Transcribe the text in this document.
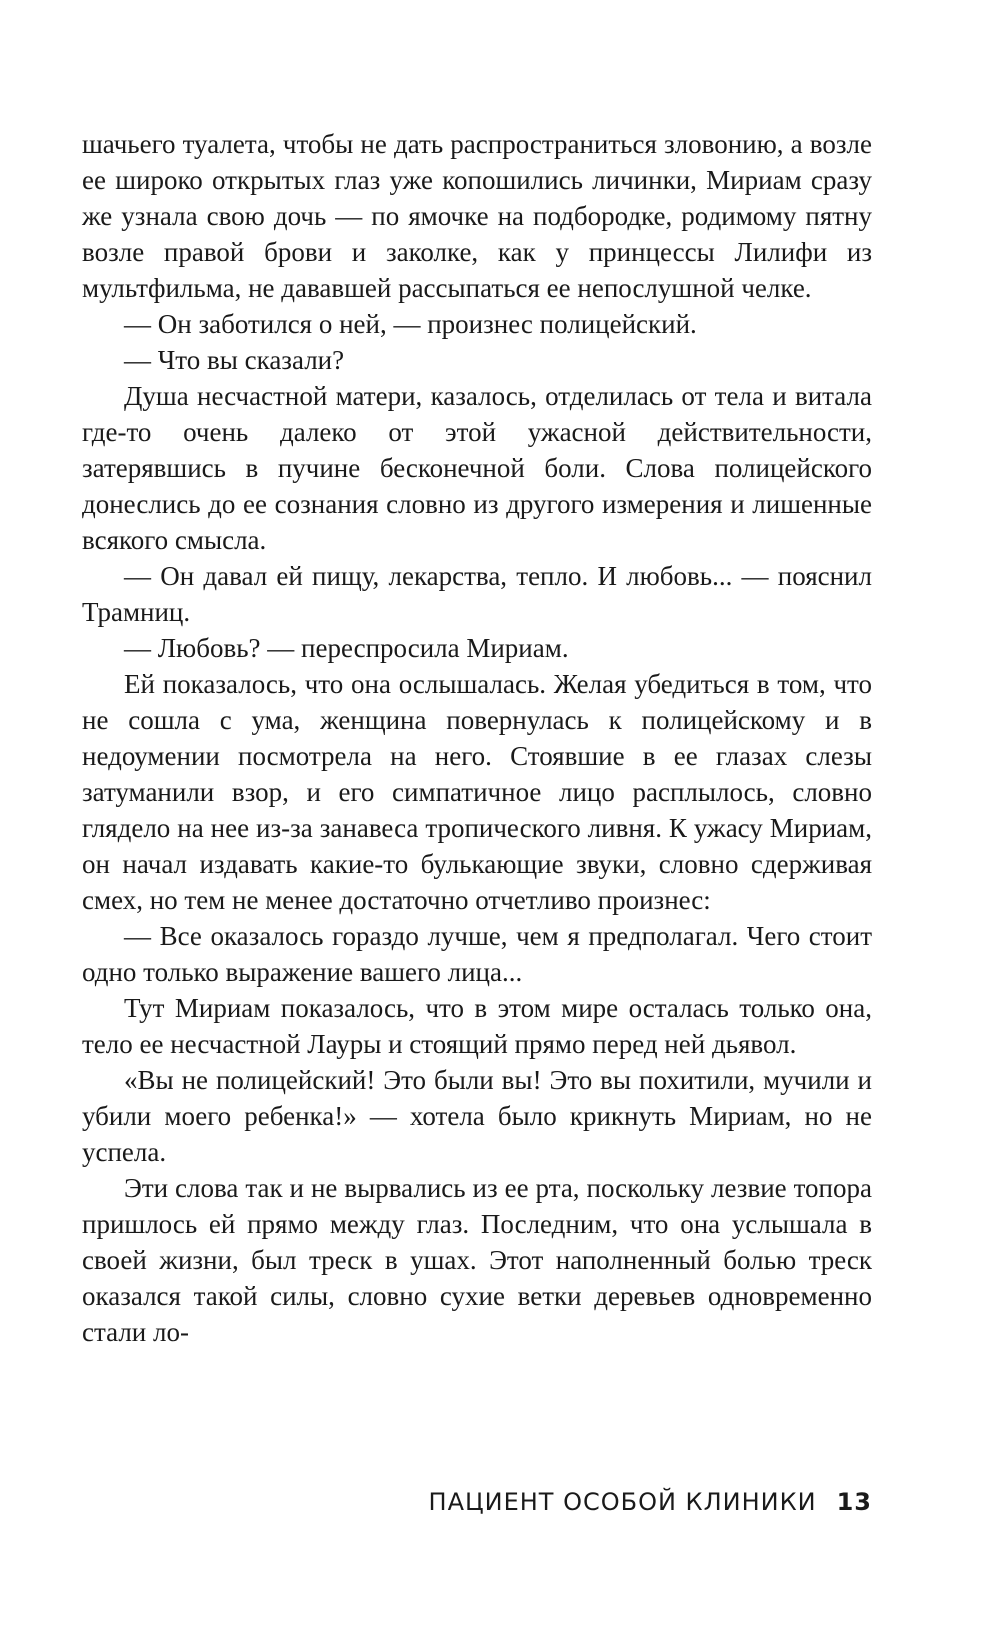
шачьего туалета, чтобы не дать распространиться зловонию, а возле ее широко открытых глаз уже копошились личинки, Мириам сразу же узнала свою дочь — по ямочке на подбородке, родимому пятну возле правой брови и заколке, как у принцессы Лилифи из мультфильма, не дававшей рассыпаться ее непослушной челке.

— Он заботился о ней, — произнес полицейский.

— Что вы сказали?

Душа несчастной матери, казалось, отделилась от тела и витала где-то очень далеко от этой ужасной действительности, затерявшись в пучине бесконечной боли. Слова полицейского донеслись до ее сознания словно из другого измерения и лишенные всякого смысла.

— Он давал ей пищу, лекарства, тепло. И любовь... — пояснил Трамниц.

— Любовь? — переспросила Мириам.

Ей показалось, что она ослышалась. Желая убедиться в том, что не сошла с ума, женщина повернулась к полицейскому и в недоумении посмотрела на него. Стоявшие в ее глазах слезы затуманили взор, и его симпатичное лицо расплылось, словно глядело на нее из-за занавеса тропического ливня. К ужасу Мириам, он начал издавать какие-то булькающие звуки, словно сдерживая смех, но тем не менее достаточно отчетливо произнес:

— Все оказалось гораздо лучше, чем я предполагал. Чего стоит одно только выражение вашего лица...

Тут Мириам показалось, что в этом мире осталась только она, тело ее несчастной Лауры и стоящий прямо перед ней дьявол.

«Вы не полицейский! Это были вы! Это вы похитили, мучили и убили моего ребенка!» — хотела было крикнуть Мириам, но не успела.

Эти слова так и не вырвались из ее рта, поскольку лезвие топора пришлось ей прямо между глаз. Последним, что она услышала в своей жизни, был треск в ушах. Этот наполненный болью треск оказался такой силы, словно сухие ветки деревьев одновременно стали ло-

ПАЦИЕНТ ОСОБОЙ КЛИНИКИ 13
